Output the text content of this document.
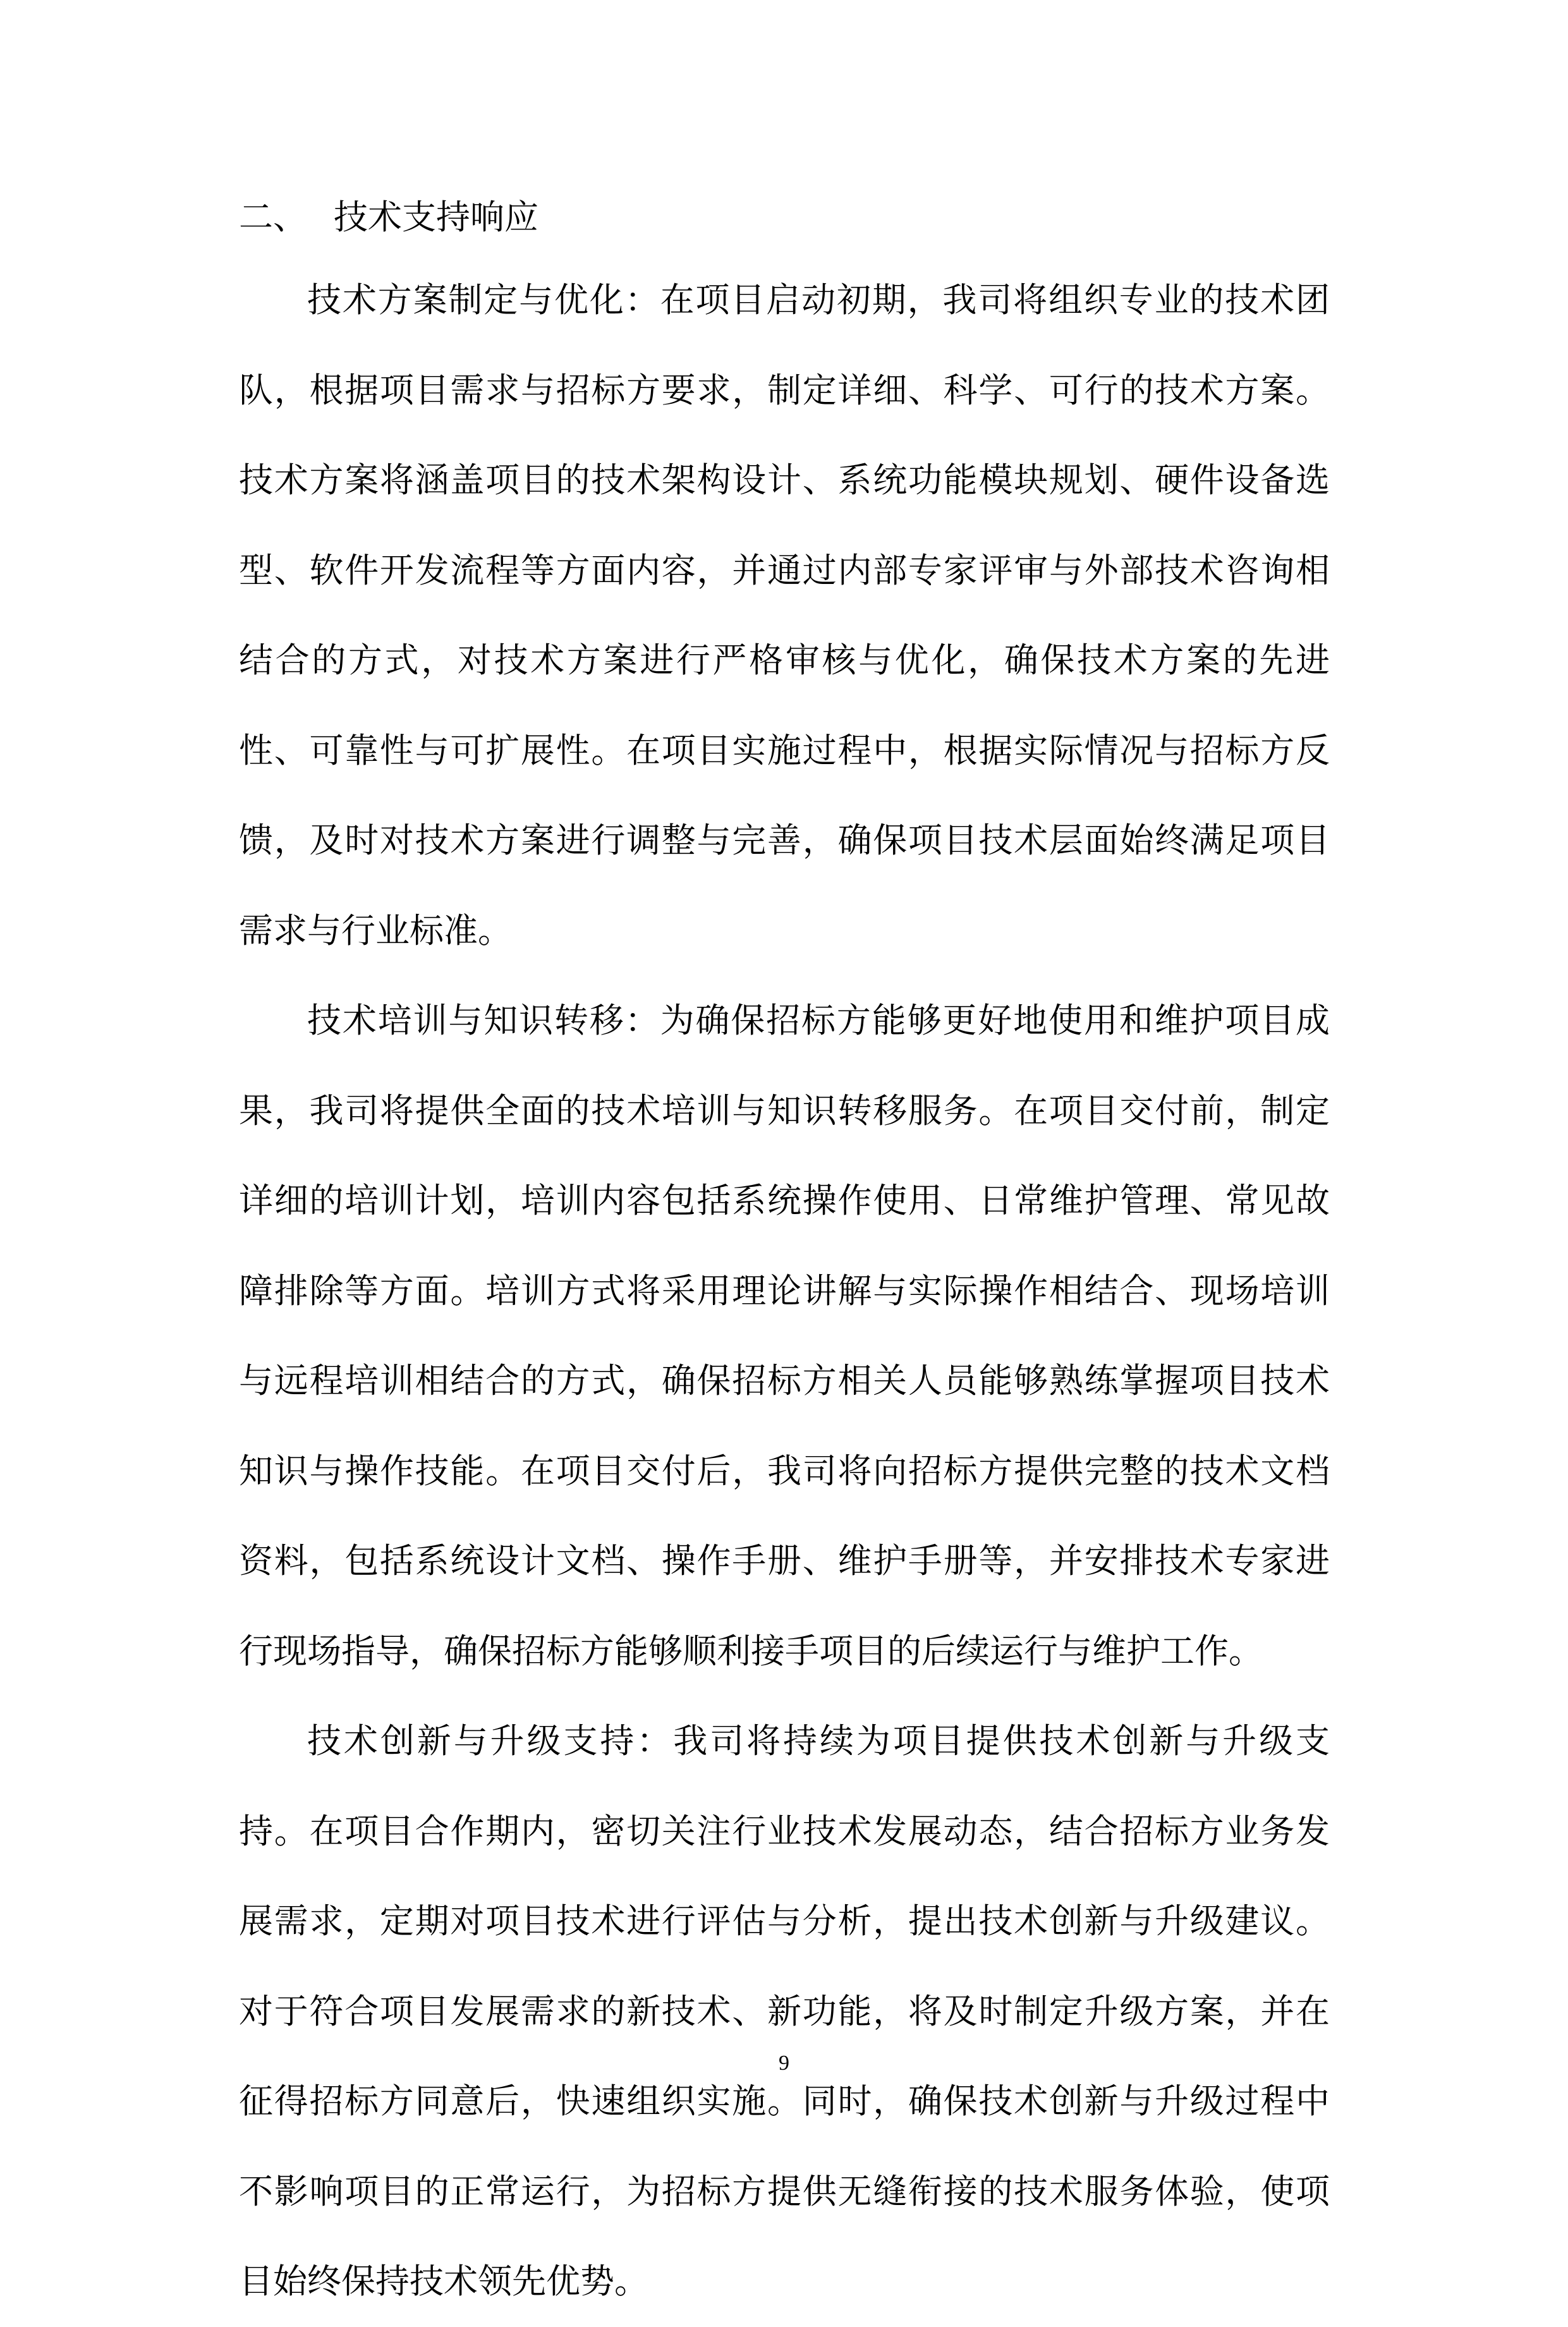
二、 技术支持响应

技术方案制定与优化：在项目启动初期，我司将组织专业的技术团队，根据项目需求与招标方要求，制定详细、科学、可行的技术方案。技术方案将涵盖项目的技术架构设计、系统功能模块规划、硬件设备选型、软件开发流程等方面内容，并通过内部专家评审与外部技术咨询相结合的方式，对技术方案进行严格审核与优化，确保技术方案的先进性、可靠性与可扩展性。在项目实施过程中，根据实际情况与招标方反馈，及时对技术方案进行调整与完善，确保项目技术层面始终满足项目需求与行业标准。

技术培训与知识转移：为确保招标方能够更好地使用和维护项目成果，我司将提供全面的技术培训与知识转移服务。在项目交付前，制定详细的培训计划，培训内容包括系统操作使用、日常维护管理、常见故障排除等方面。培训方式将采用理论讲解与实际操作相结合、现场培训与远程培训相结合的方式，确保招标方相关人员能够熟练掌握项目技术知识与操作技能。在项目交付后，我司将向招标方提供完整的技术文档资料，包括系统设计文档、操作手册、维护手册等，并安排技术专家进行现场指导，确保招标方能够顺利接手项目的后续运行与维护工作。

技术创新与升级支持：我司将持续为项目提供技术创新与升级支持。在项目合作期内，密切关注行业技术发展动态，结合招标方业务发展需求，定期对项目技术进行评估与分析，提出技术创新与升级建议。对于符合项目发展需求的新技术、新功能，将及时制定升级方案，并在征得招标方同意后，快速组织实施。同时，确保技术创新与升级过程中不影响项目的正常运行，为招标方提供无缝衔接的技术服务体验，使项目始终保持技术领先优势。

9
